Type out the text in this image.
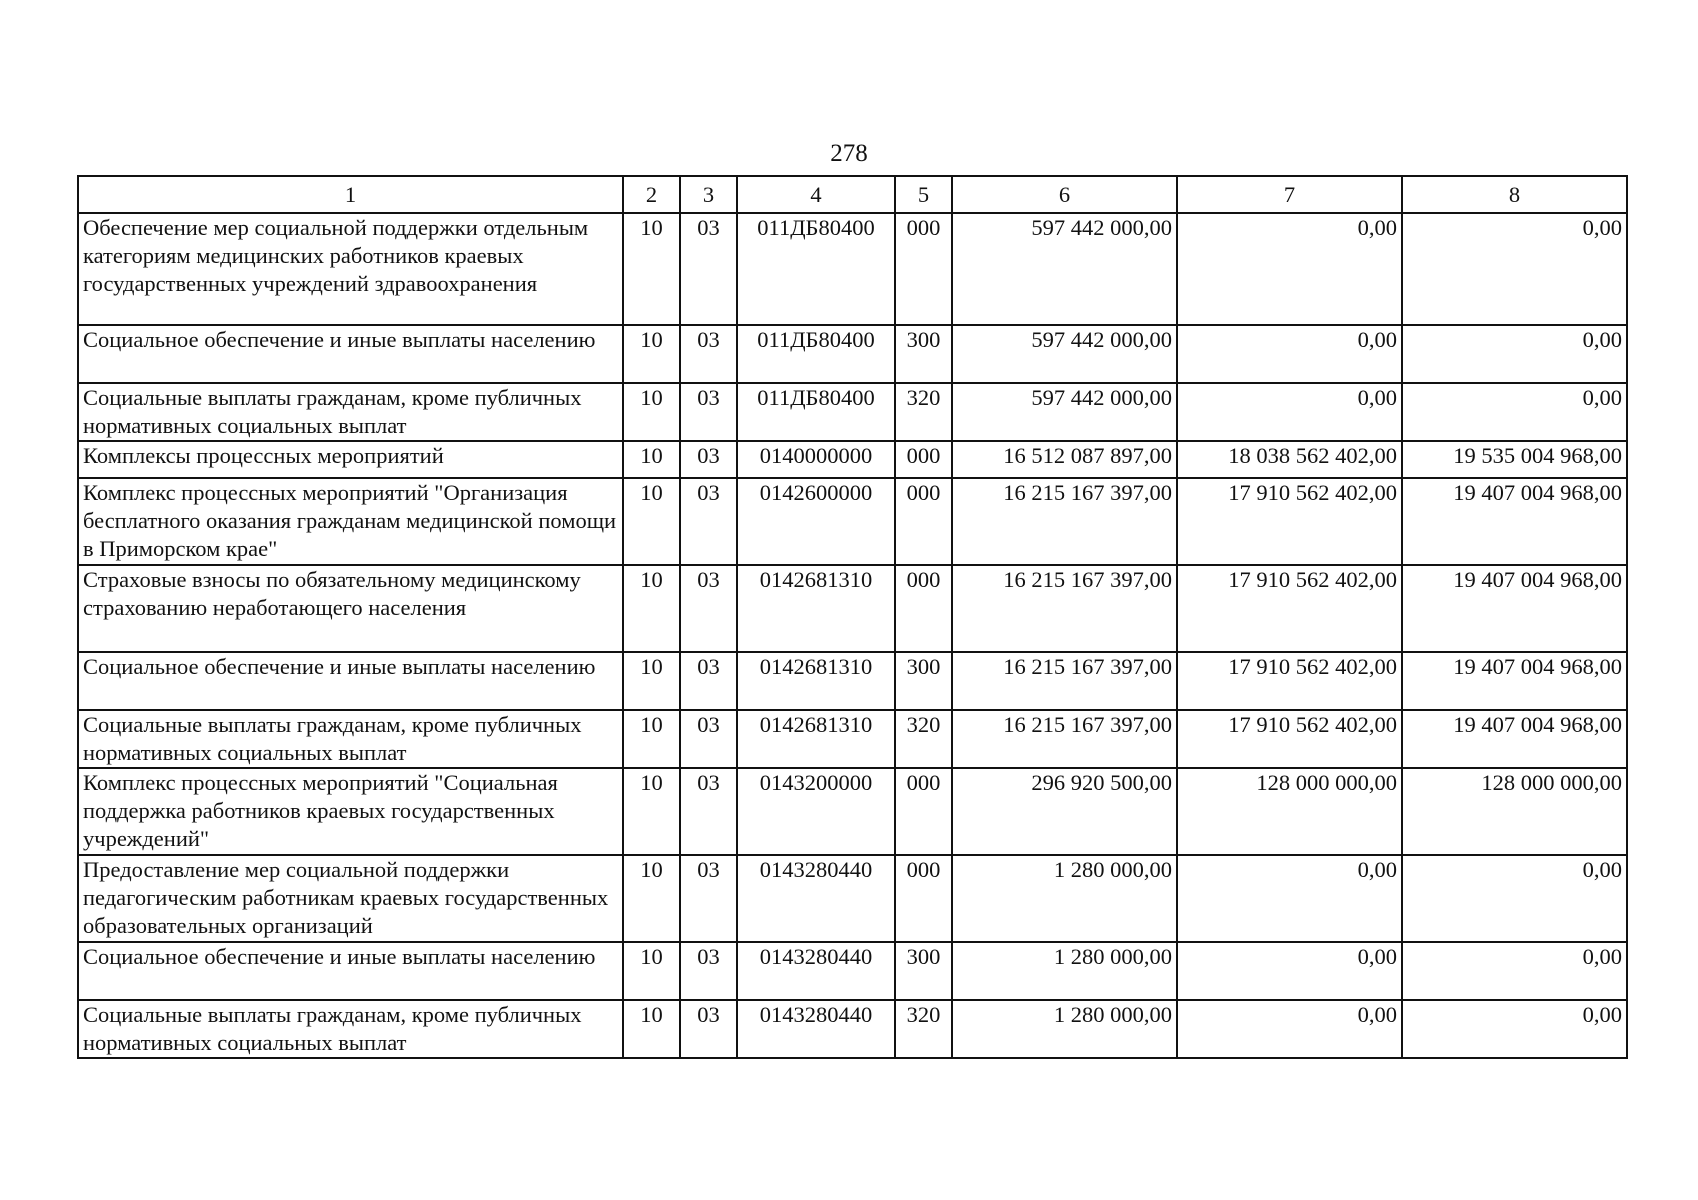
278
1	2	3	4	5	6	7	8
Обеспечение мер социальной поддержки отдельным категориям медицинских работников краевых государственных учреждений здравоохранения	10	03	011ДБ80400	000	597 442 000,00	0,00	0,00
Социальное обеспечение и иные выплаты населению	10	03	011ДБ80400	300	597 442 000,00	0,00	0,00
Социальные выплаты гражданам, кроме публичных нормативных социальных выплат	10	03	011ДБ80400	320	597 442 000,00	0,00	0,00
Комплексы процессных мероприятий	10	03	0140000000	000	16 512 087 897,00	18 038 562 402,00	19 535 004 968,00
Комплекс процессных мероприятий "Организация бесплатного оказания гражданам медицинской помощи в Приморском крае"	10	03	0142600000	000	16 215 167 397,00	17 910 562 402,00	19 407 004 968,00
Страховые взносы по обязательному медицинскому страхованию неработающего населения	10	03	0142681310	000	16 215 167 397,00	17 910 562 402,00	19 407 004 968,00
Социальное обеспечение и иные выплаты населению	10	03	0142681310	300	16 215 167 397,00	17 910 562 402,00	19 407 004 968,00
Социальные выплаты гражданам, кроме публичных нормативных социальных выплат	10	03	0142681310	320	16 215 167 397,00	17 910 562 402,00	19 407 004 968,00
Комплекс процессных мероприятий "Социальная поддержка работников краевых государственных учреждений"	10	03	0143200000	000	296 920 500,00	128 000 000,00	128 000 000,00
Предоставление мер социальной поддержки педагогическим работникам краевых государственных образовательных организаций	10	03	0143280440	000	1 280 000,00	0,00	0,00
Социальное обеспечение и иные выплаты населению	10	03	0143280440	300	1 280 000,00	0,00	0,00
Социальные выплаты гражданам, кроме публичных нормативных социальных выплат	10	03	0143280440	320	1 280 000,00	0,00	0,00
